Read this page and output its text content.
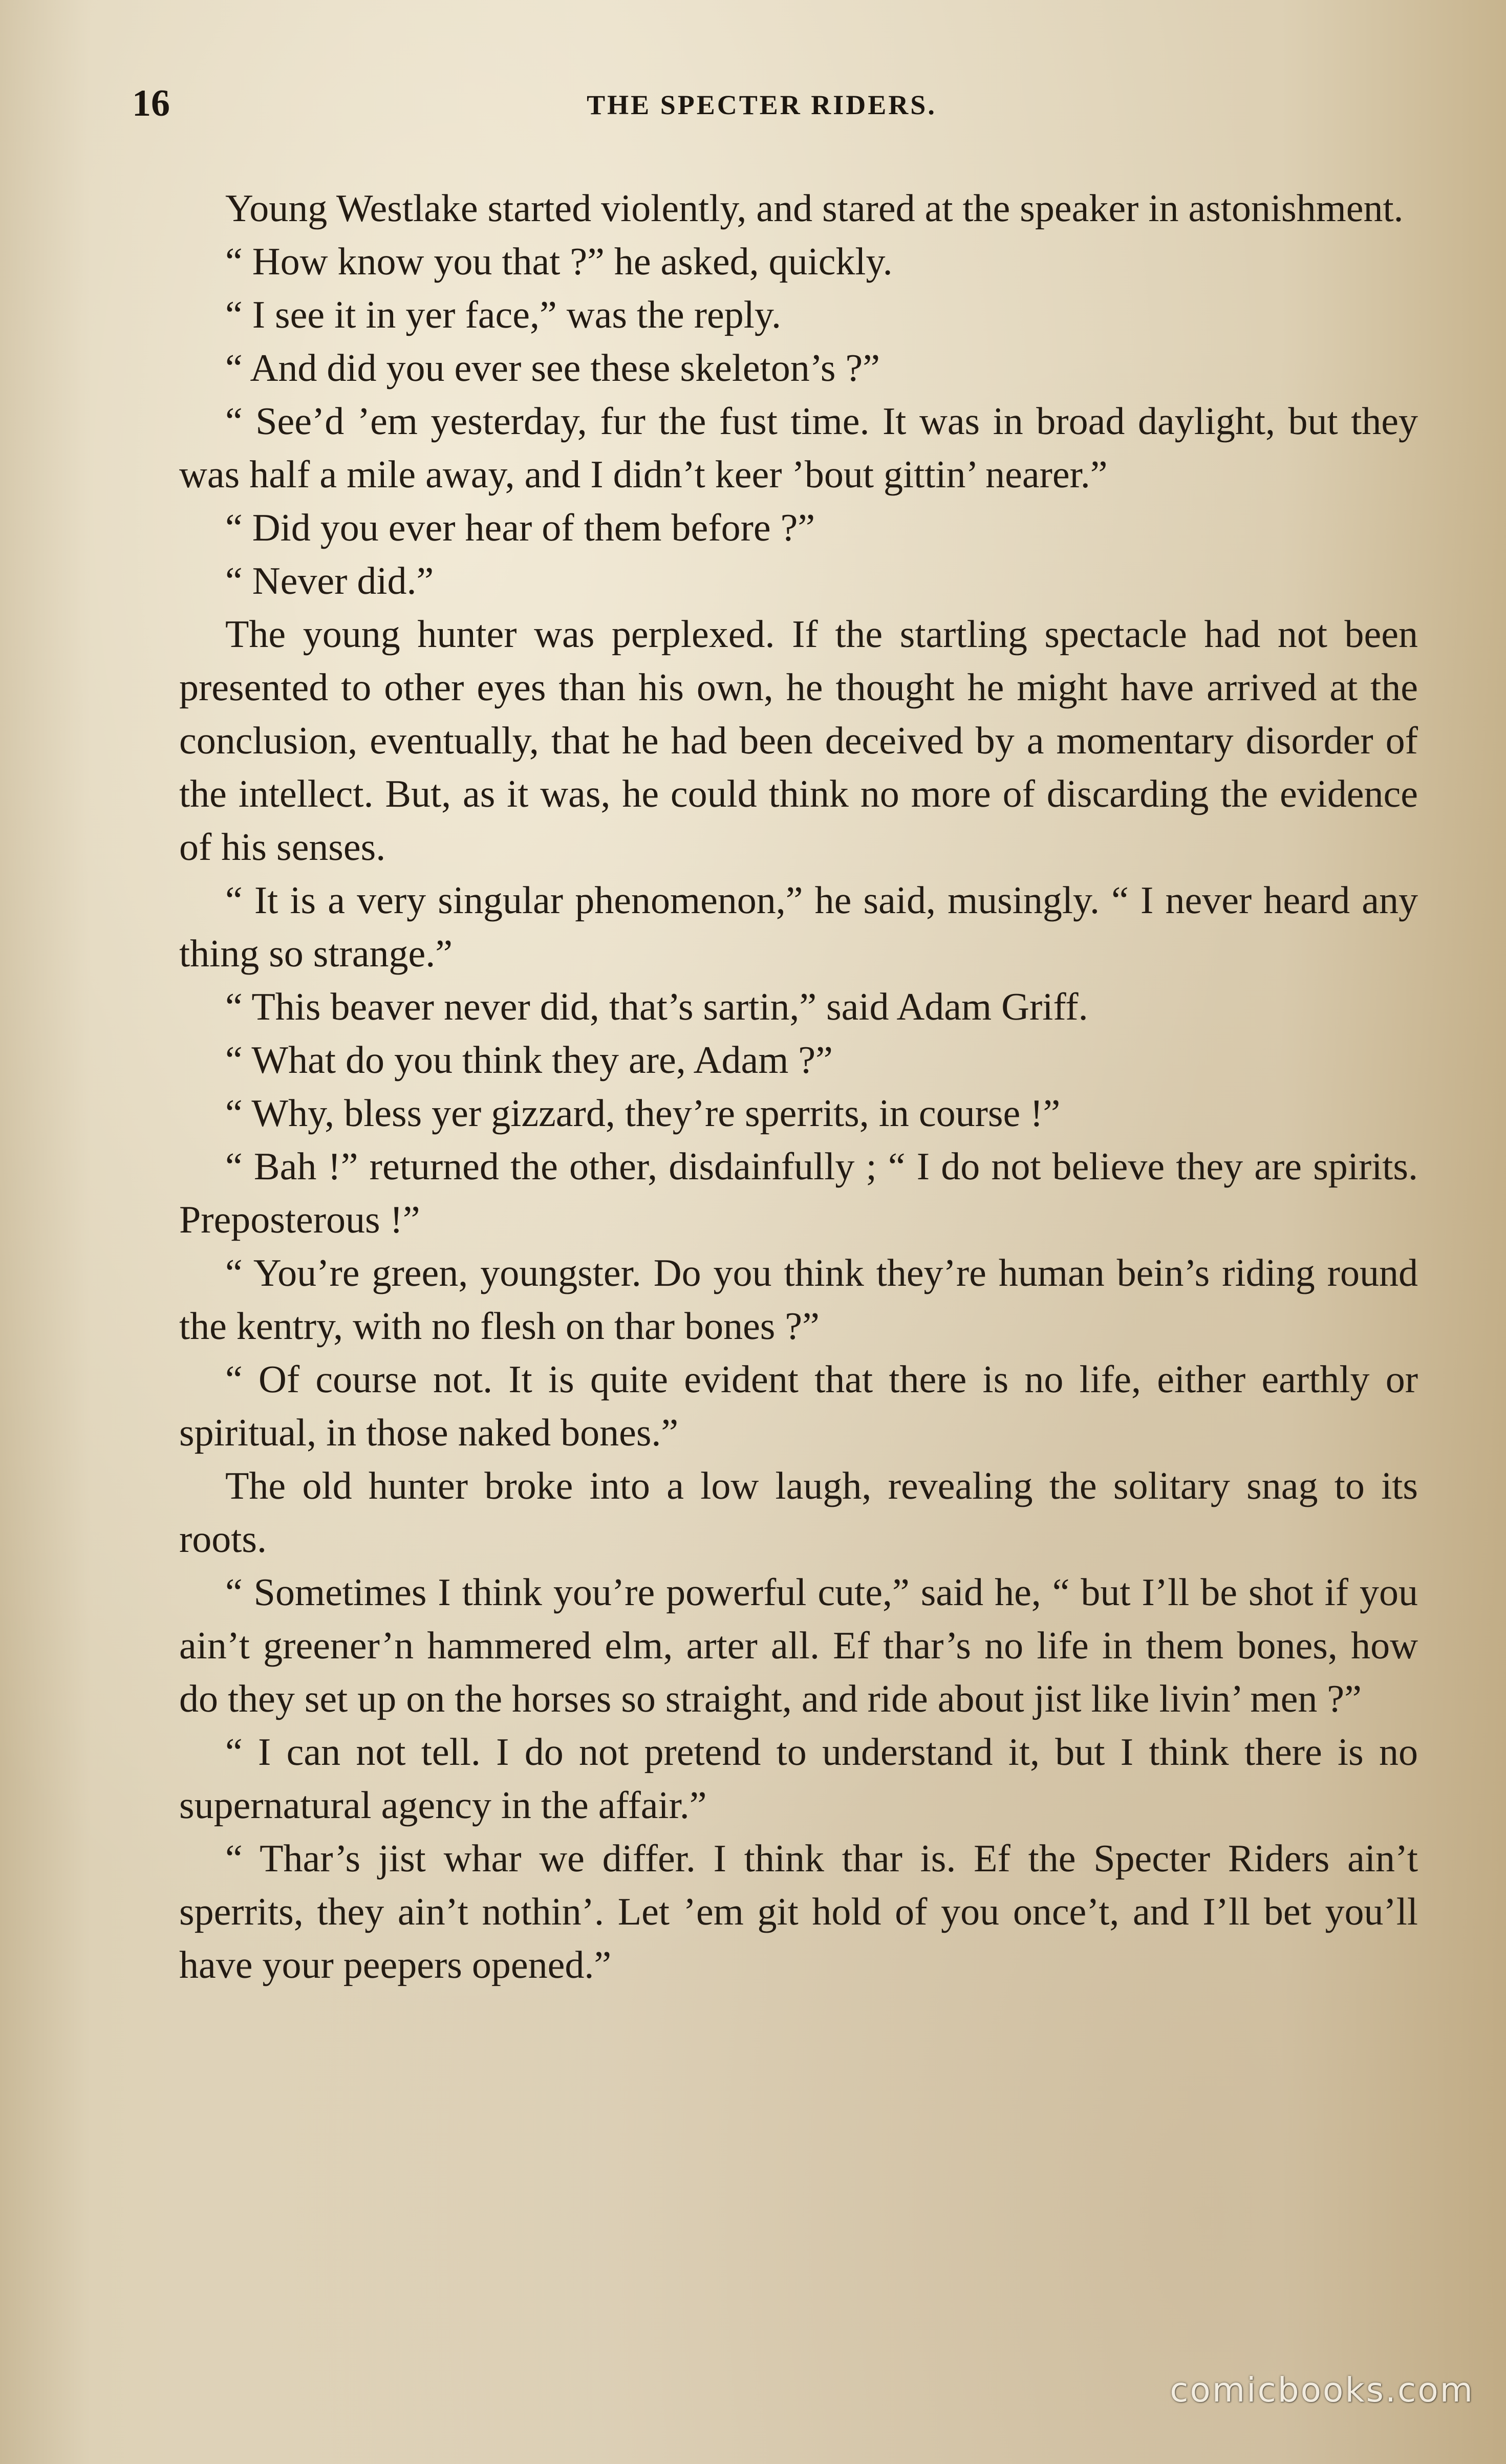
16	THE SPECTER RIDERS.

Young Westlake started violently, and stared at the speaker in astonishment.

“ How know you that ?” he asked, quickly.

“ I see it in yer face,” was the reply.

“ And did you ever see these skeleton’s ?”

“ See’d ’em yesterday, fur the fust time. It was in broad daylight, but they was half a mile away, and I didn’t keer ’bout gittin’ nearer.”

“ Did you ever hear of them before ?”

“ Never did.”

The young hunter was perplexed. If the startling spectacle had not been presented to other eyes than his own, he thought he might have arrived at the conclusion, eventually, that he had been deceived by a momentary disorder of the intellect. But, as it was, he could think no more of discarding the evidence of his senses.

“ It is a very singular phenomenon,” he said, musingly. “ I never heard any thing so strange.”

“ This beaver never did, that’s sartin,” said Adam Griff.

“ What do you think they are, Adam ?”

“ Why, bless yer gizzard, they’re sperrits, in course !”

“ Bah !” returned the other, disdainfully ; “ I do not believe they are spirits. Preposterous !”

“ You’re green, youngster. Do you think they’re human bein’s riding round the kentry, with no flesh on thar bones ?”

“ Of course not. It is quite evident that there is no life, either earthly or spiritual, in those naked bones.”

The old hunter broke into a low laugh, revealing the solitary snag to its roots.

“ Sometimes I think you’re powerful cute,” said he, “ but I’ll be shot if you ain’t greener’n hammered elm, arter all. Ef thar’s no life in them bones, how do they set up on the horses so straight, and ride about jist like livin’ men ?”

“ I can not tell. I do not pretend to understand it, but I think there is no supernatural agency in the affair.”

“ Thar’s jist whar we differ. I think thar is. Ef the Specter Riders ain’t sperrits, they ain’t nothin’. Let ’em git hold of you once’t, and I’ll bet you’ll have your peepers opened.”

comicbooks.com
